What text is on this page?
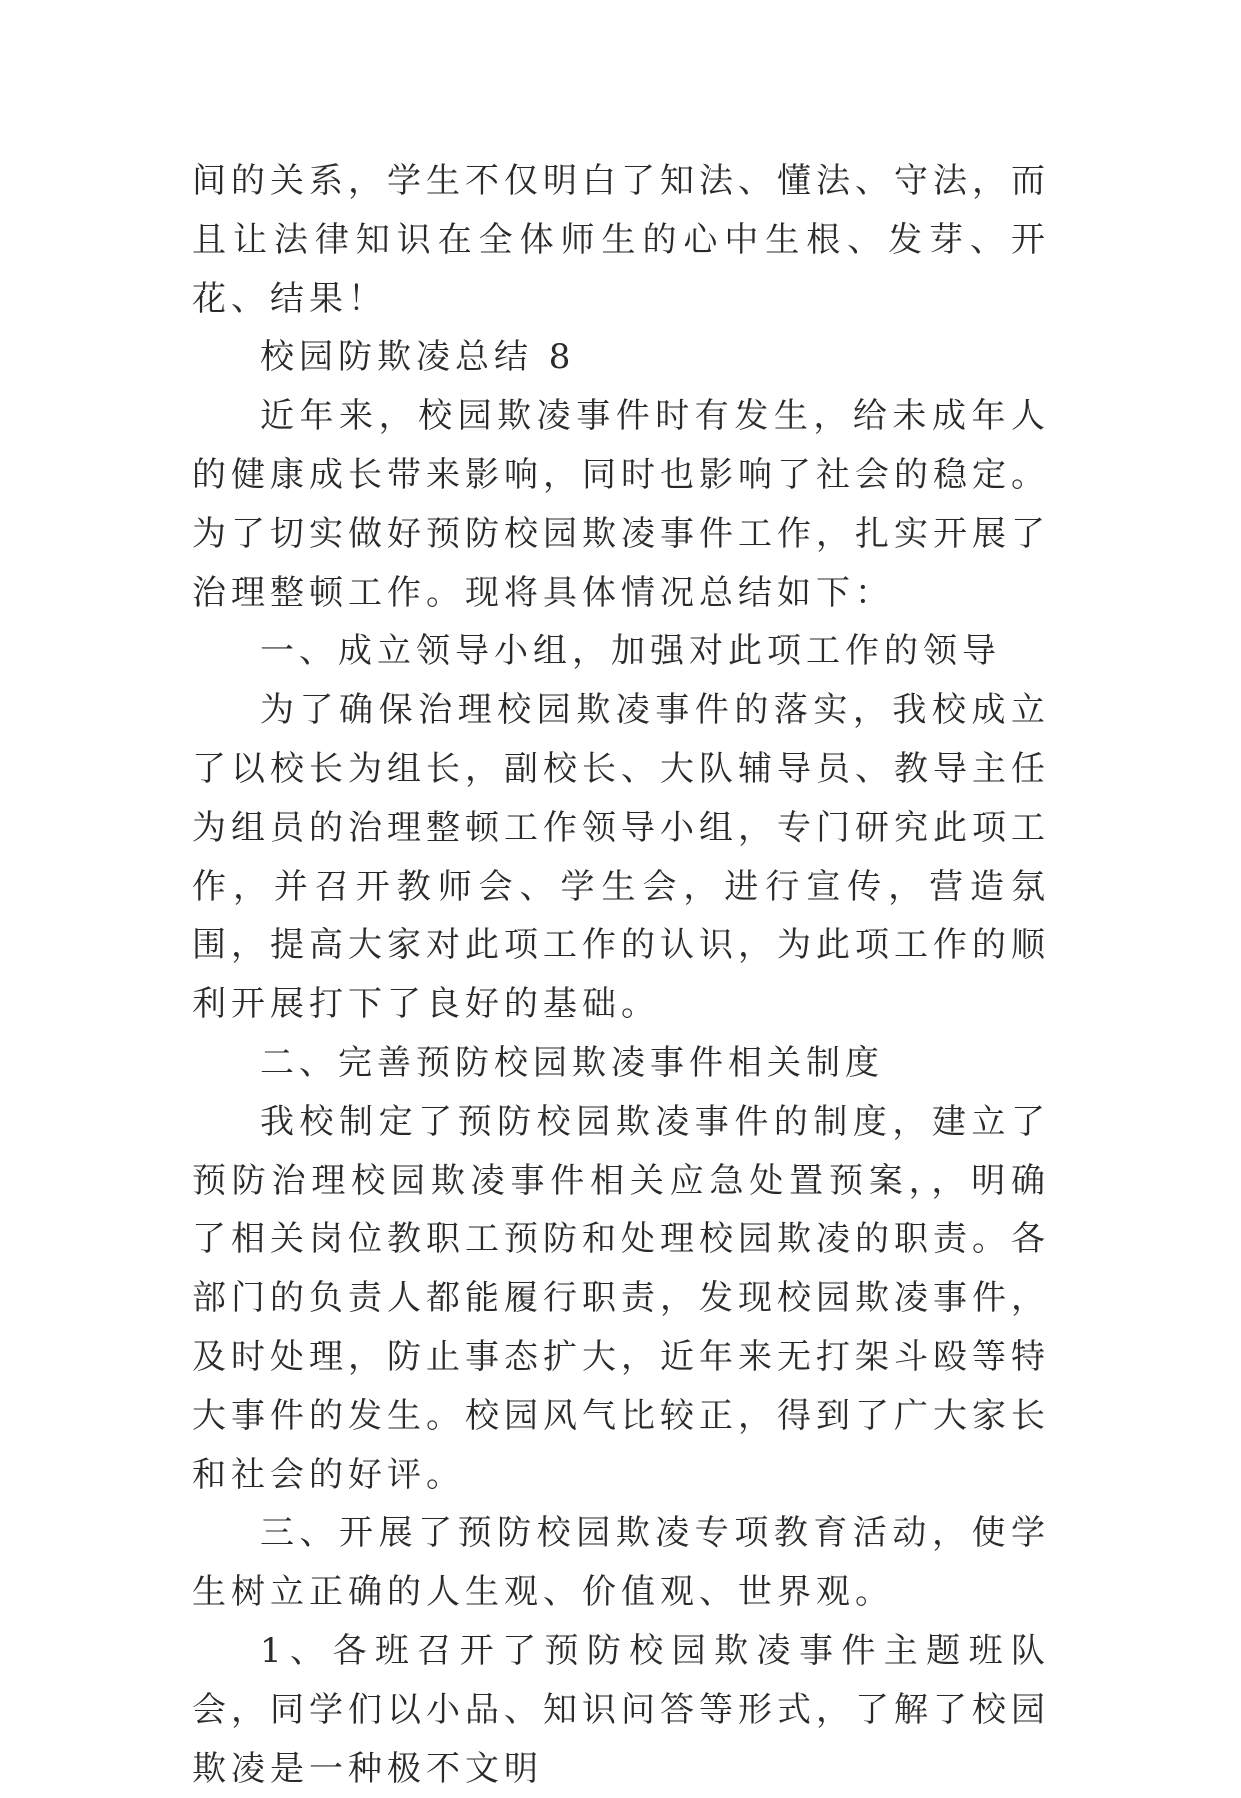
间的关系，学生不仅明白了知法、懂法、守法，而且让法律知识在全体师生的心中生根、发芽、开花、结果！

校园防欺凌总结 8

近年来，校园欺凌事件时有发生，给未成年人的健康成长带来影响，同时也影响了社会的稳定。为了切实做好预防校园欺凌事件工作，扎实开展了治理整顿工作。现将具体情况总结如下：

一、成立领导小组，加强对此项工作的领导

为了确保治理校园欺凌事件的落实，我校成立了以校长为组长，副校长、大队辅导员、教导主任为组员的治理整顿工作领导小组，专门研究此项工作，并召开教师会、学生会，进行宣传，营造氛围，提高大家对此项工作的认识，为此项工作的顺利开展打下了良好的基础。

二、完善预防校园欺凌事件相关制度

我校制定了预防校园欺凌事件的制度，建立了预防治理校园欺凌事件相关应急处置预案，，明确了相关岗位教职工预防和处理校园欺凌的职责。各部门的负责人都能履行职责，发现校园欺凌事件，及时处理，防止事态扩大，近年来无打架斗殴等特大事件的发生。校园风气比较正，得到了广大家长和社会的好评。

三、开展了预防校园欺凌专项教育活动，使学生树立正确的人生观、价值观、世界观。

1、各班召开了预防校园欺凌事件主题班队会，同学们以小品、知识问答等形式，了解了校园欺凌是一种极不文明
